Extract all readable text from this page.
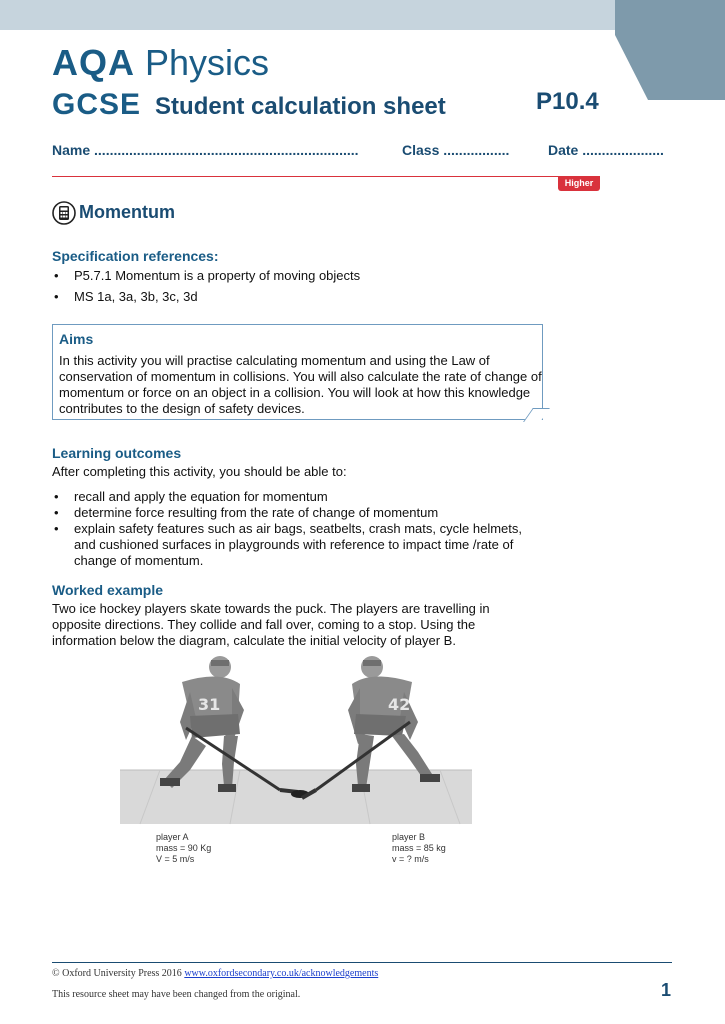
AQA Physics
GCSE Student calculation sheet	P10.4
Name ....................................................................	Class .................	Date .....................
Higher
Momentum
Specification references:
• P5.7.1 Momentum is a property of moving objects
• MS 1a, 3a, 3b, 3c, 3d
Aims

In this activity you will practise calculating momentum and using the Law of conservation of momentum in collisions. You will also calculate the rate of change of momentum or force on an object in a collision. You will look at how this knowledge contributes to the design of safety devices.

Learning outcomes

After completing this activity, you should be able to:

• recall and apply the equation for momentum
• determine force resulting from the rate of change of momentum
• explain safety features such as air bags, seatbelts, crash mats, cycle helmets, and cushioned surfaces in playgrounds with reference to impact time /rate of change of momentum.
Worked example

Two ice hockey players skate towards the puck. The players are travelling in opposite directions. They collide and fall over, coming to a stop. Using the information below the diagram, calculate the initial velocity of player B.

31	42
player A
mass = 90 Kg
V = 5 m/s
player B
mass = 85 kg
v = ? m/s
© Oxford University Press 2016 www.oxfordsecondary.co.uk/acknowledgements
This resource sheet may have been changed from the original.	1
